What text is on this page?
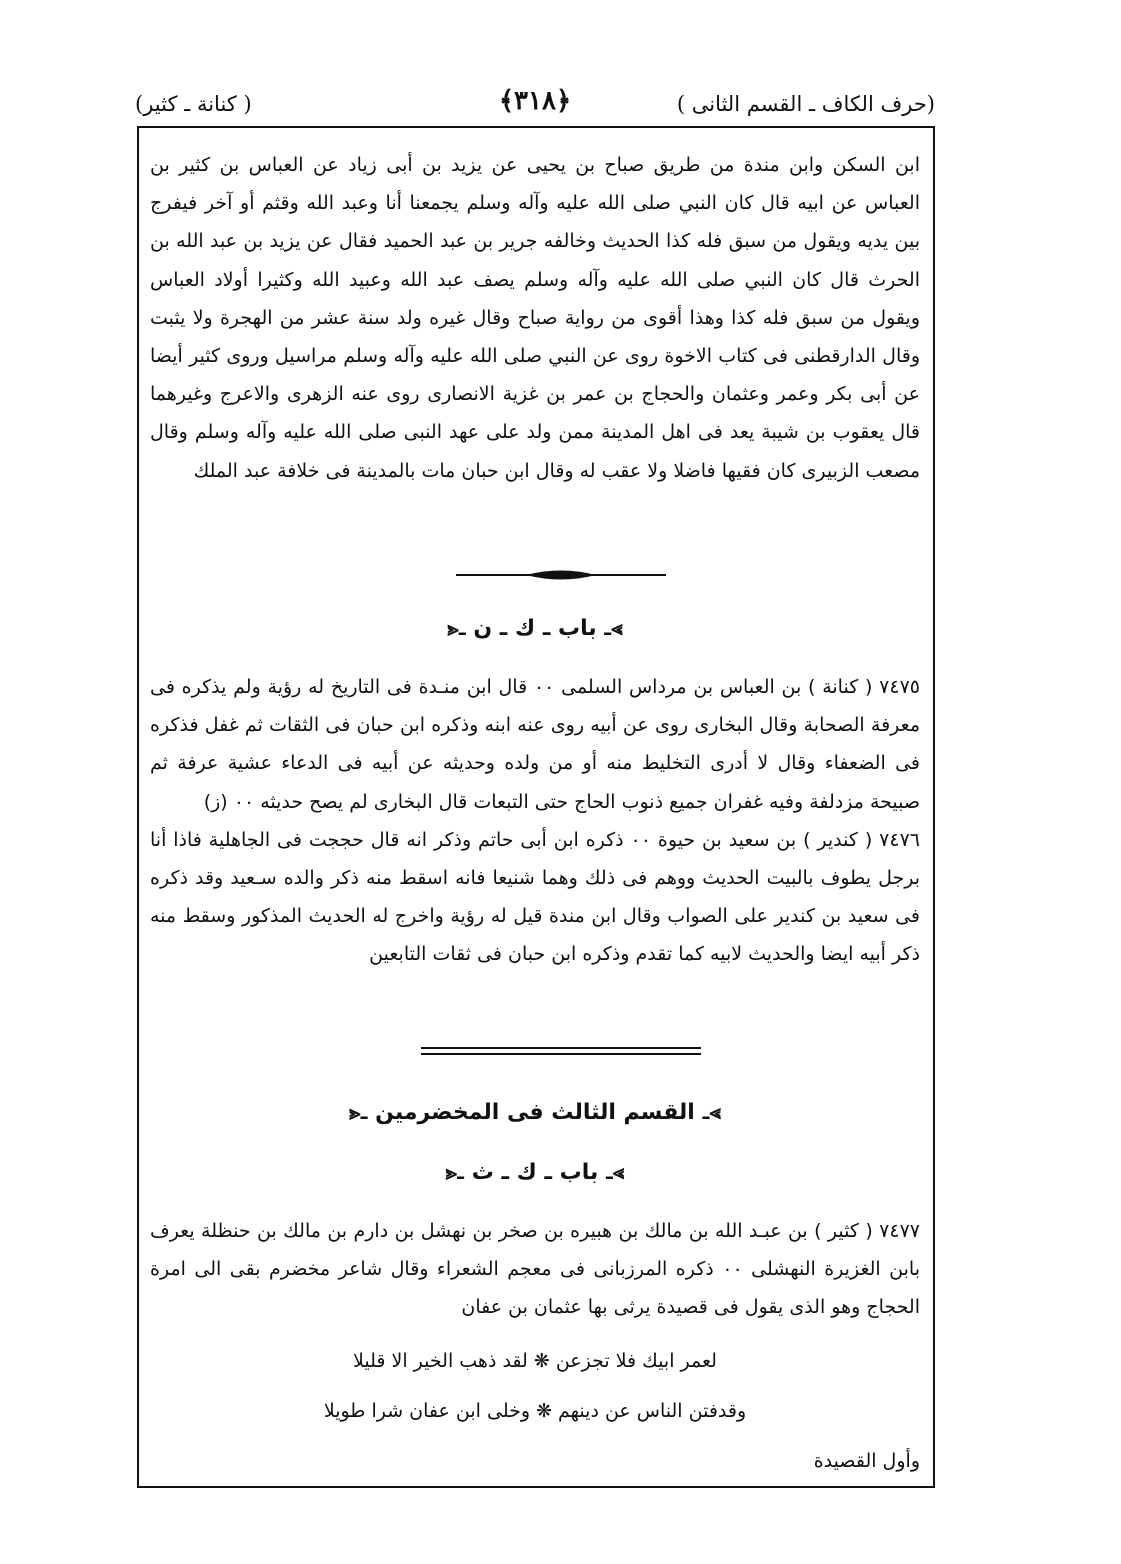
(حرف الكاف ـ القسم الثانى )
﴿٣١٨﴾
( كنانة ـ كثير)

ابن السكن وابن مندة من طريق صباح بن يحيى عن يزيد بن أبى زياد عن العباس بن كثير بن العباس عن ابيه قال كان النبي صلى الله عليه وآله وسلم يجمعنا أنا وعبد الله وقثم أو آخر فيفرج بين يديه ويقول من سبق فله كذا الحديث وخالفه جرير بن عبد الحميد فقال عن يزيد بن عبد الله بن الحرث قال كان النبي صلى الله عليه وآله وسلم يصف عبد الله وعبيد الله وكثيرا أولاد العباس ويقول من سبق فله كذا وهذا أقوى من رواية صباح وقال غيره ولد سنة عشر من الهجرة ولا يثبت وقال الدارقطنى فى كتاب الاخوة روى عن النبي صلى الله عليه وآله وسلم مراسيل وروى كثير أيضا عن أبى بكر وعمر وعثمان والحجاج بن عمر بن غزية الانصارى روى عنه الزهرى والاعرج وغيرهما قال يعقوب بن شيبة يعد فى اهل المدينة ممن ولد على عهد النبى صلى الله عليه وآله وسلم وقال مصعب الزبيرى كان فقيها فاضلا ولا عقب له وقال ابن حبان مات بالمدينة فى خلافة عبد الملك

⪢ـ باب ـ ك ـ ن ـ⪡

٧٤٧٥ ( كنانة ) بن العباس بن مرداس السلمى ٠٠ قال ابن منـدة فى التاريخ له رؤية ولم يذكره فى معرفة الصحابة وقال البخارى روى عن أبيه روى عنه ابنه وذكره ابن حبان فى الثقات ثم غفل فذكره فى الضعفاء وقال لا أدرى التخليط منه أو من ولده وحديثه عن أبيه فى الدعاء عشية عرفة ثم صبيحة مزدلفة وفيه غفران جميع ذنوب الحاج حتى التبعات قال البخارى لم يصح حديثه ٠٠ (ز)

٧٤٧٦ ( كندير ) بن سعيد بن حيوة ٠٠ ذكره ابن أبى حاتم وذكر انه قال حججت فى الجاهلية فاذا أنا برجل يطوف بالبيت الحديث ووهم فى ذلك وهما شنيعا فانه اسقط منه ذكر والده سـعيد وقد ذكره فى سعيد بن كندير على الصواب وقال ابن مندة قيل له رؤية واخرج له الحديث المذكور وسقط منه ذكر أبيه ايضا والحديث لابيه كما تقدم وذكره ابن حبان فى ثقات التابعين

⪢ـ القسم الثالث فى المخضرمين ـ⪡
⪢ـ باب ـ ك ـ ث ـ⪡

٧٤٧٧ ( كثير ) بن عبـد الله بن مالك بن هبيره بن صخر بن نهشل بن دارم بن مالك بن حنظلة يعرف بابن الغزيرة النهشلى ٠٠ ذكره المرزبانى فى معجم الشعراء وقال شاعر مخضرم بقى الى امرة الحجاج وهو الذى يقول فى قصيدة يرثى بها عثمان بن عفان

لعمر ابيك فلا تجزعن ❋ لقد ذهب الخير الا قليلا
وقدفتن الناس عن دينهم ❋ وخلى ابن عفان شرا طويلا

وأول القصيدة
